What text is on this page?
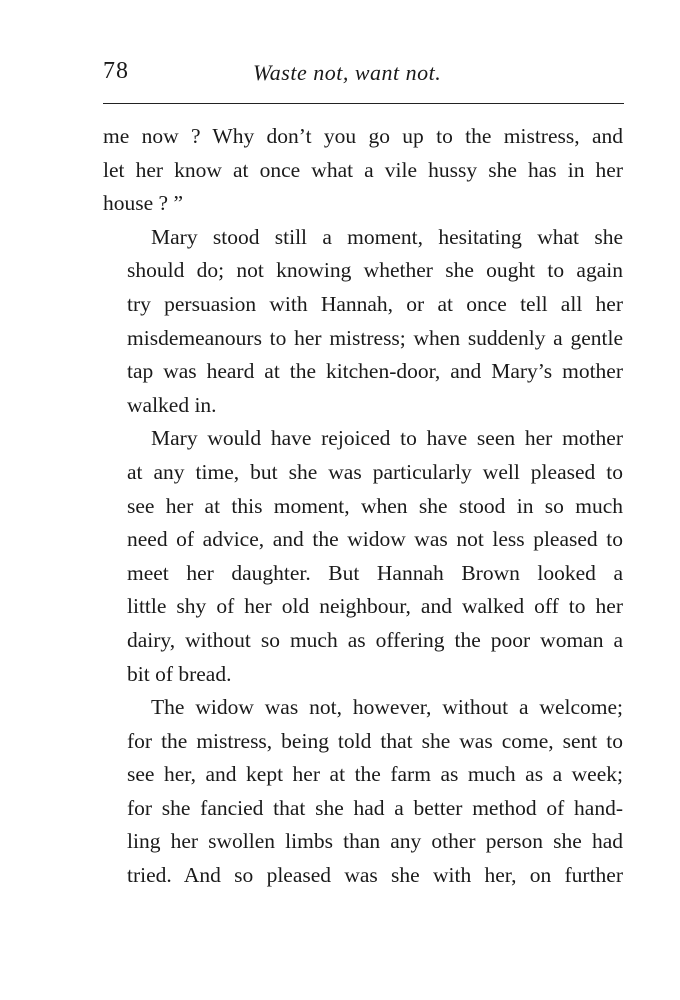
78	Waste not, want not.
me now ? Why don’t you go up to the mistress, and
let her know at once what a vile hussy she has in her
house ? ”
Mary stood still a moment, hesitating what she
should do; not knowing whether she ought to again
try persuasion with Hannah, or at once tell all her
misdemeanours to her mistress; when suddenly a gentle
tap was heard at the kitchen-door, and Mary’s mother
walked in.
Mary would have rejoiced to have seen her mother
at any time, but she was particularly well pleased to
see her at this moment, when she stood in so much
need of advice, and the widow was not less pleased to
meet her daughter. But Hannah Brown looked a
little shy of her old neighbour, and walked off to her
dairy, without so much as offering the poor woman a
bit of bread.
The widow was not, however, without a welcome;
for the mistress, being told that she was come, sent to
see her, and kept her at the farm as much as a week;
for she fancied that she had a better method of hand-
ling her swollen limbs than any other person she had
tried. And so pleased was she with her, on further
